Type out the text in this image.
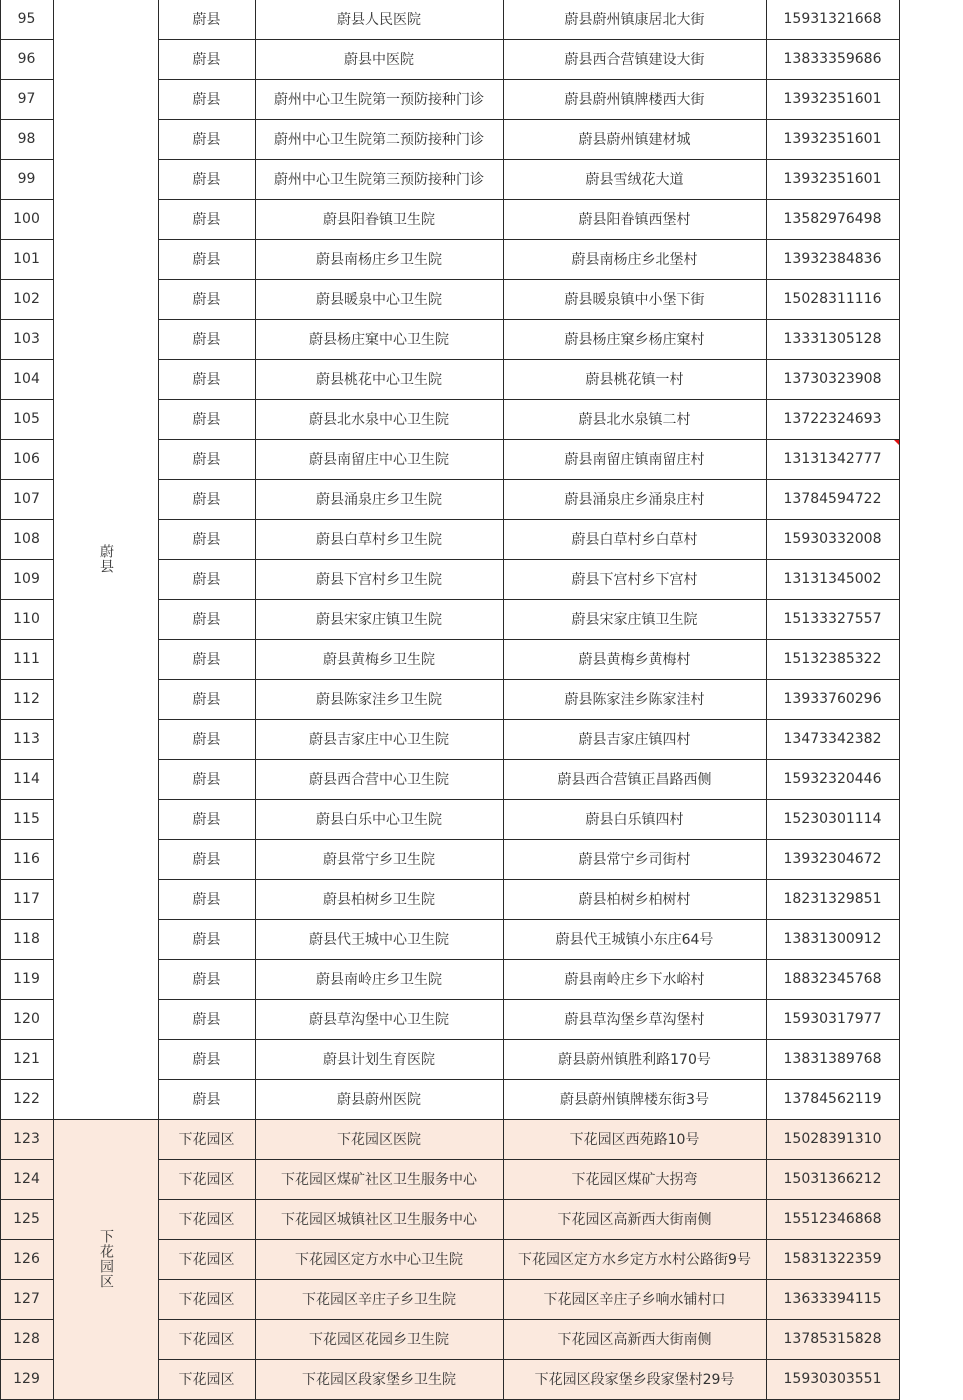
95	蔚县	蔚县人民医院	蔚县蔚州镇康居北大街	15931321668
96	蔚县	蔚县中医院	蔚县西合营镇建设大街	13833359686
97	蔚县	蔚州中心卫生院第一预防接种门诊	蔚县蔚州镇牌楼西大街	13932351601
98	蔚县	蔚州中心卫生院第二预防接种门诊	蔚县蔚州镇建材城	13932351601
99	蔚县	蔚州中心卫生院第三预防接种门诊	蔚县雪绒花大道	13932351601
100	蔚县	蔚县阳眷镇卫生院	蔚县阳眷镇西堡村	13582976498
101	蔚县	蔚县南杨庄乡卫生院	蔚县南杨庄乡北堡村	13932384836
102	蔚县	蔚县暖泉中心卫生院	蔚县暖泉镇中小堡下街	15028311116
103	蔚县	蔚县杨庄窠中心卫生院	蔚县杨庄窠乡杨庄窠村	13331305128
104	蔚县	蔚县桃花中心卫生院	蔚县桃花镇一村	13730323908
105	蔚县	蔚县北水泉中心卫生院	蔚县北水泉镇二村	13722324693
106	蔚县	蔚县南留庄中心卫生院	蔚县南留庄镇南留庄村	13131342777
107	蔚县	蔚县涌泉庄乡卫生院	蔚县涌泉庄乡涌泉庄村	13784594722
108	蔚县	蔚县白草村乡卫生院	蔚县白草村乡白草村	15930332008
109	蔚县	蔚县下宫村乡卫生院	蔚县下宫村乡下宫村	13131345002
110	蔚县	蔚县宋家庄镇卫生院	蔚县宋家庄镇卫生院	15133327557
111	蔚县	蔚县黄梅乡卫生院	蔚县黄梅乡黄梅村	15132385322
112	蔚县	蔚县陈家洼乡卫生院	蔚县陈家洼乡陈家洼村	13933760296
113	蔚县	蔚县吉家庄中心卫生院	蔚县吉家庄镇四村	13473342382
114	蔚县	蔚县西合营中心卫生院	蔚县西合营镇正昌路西侧	15932320446
115	蔚县	蔚县白乐中心卫生院	蔚县白乐镇四村	15230301114
116	蔚县	蔚县常宁乡卫生院	蔚县常宁乡司街村	13932304672
117	蔚县	蔚县柏树乡卫生院	蔚县柏树乡柏树村	18231329851
118	蔚县	蔚县代王城中心卫生院	蔚县代王城镇小东庄64号	13831300912
119	蔚县	蔚县南岭庄乡卫生院	蔚县南岭庄乡下水峪村	18832345768
120	蔚县	蔚县草沟堡中心卫生院	蔚县草沟堡乡草沟堡村	15930317977
121	蔚县	蔚县计划生育医院	蔚县蔚州镇胜利路170号	13831389768
122	蔚县	蔚县蔚州医院	蔚县蔚州镇牌楼东街3号	13784562119
123	下花园区	下花园区医院	下花园区西苑路10号	15028391310
124	下花园区	下花园区煤矿社区卫生服务中心	下花园区煤矿大拐弯	15031366212
125	下花园区	下花园区城镇社区卫生服务中心	下花园区高新西大街南侧	15512346868
126	下花园区	下花园区定方水中心卫生院	下花园区定方水乡定方水村公路街9号	15831322359
127	下花园区	下花园区辛庄子乡卫生院	下花园区辛庄子乡响水铺村口	13633394115
128	下花园区	下花园区花园乡卫生院	下花园区高新西大街南侧	13785315828
129	下花园区	下花园区段家堡乡卫生院	下花园区段家堡乡段家堡村29号	15930303551
蔚县
下花园区
